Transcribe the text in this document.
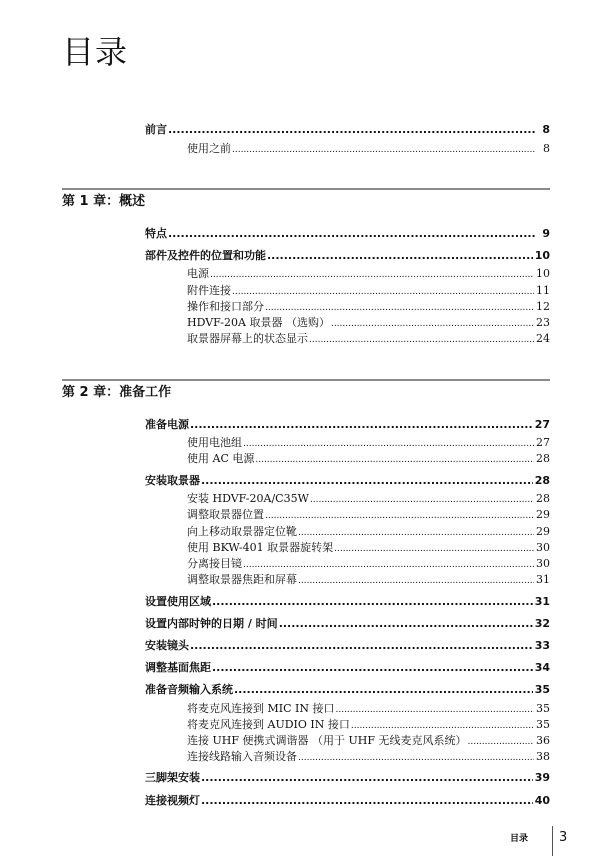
目录
前言 .....	8
使用之前 .....	8
第 1 章：概述
特点 .....	9
部件及控件的位置和功能 .....	10
电源 .....	10
附件连接 .....	11
操作和接口部分 .....	12
HDVF-20A 取景器 （选购） .....	23
取景器屏幕上的状态显示 .....	24
第 2 章：准备工作
准备电源 .....	27
使用电池组 .....	27
使用 AC 电源 .....	28
安装取景器 .....	28
安装 HDVF-20A/C35W .....	28
调整取景器位置 .....	29
向上移动取景器定位靴 .....	29
使用 BKW-401 取景器旋转架 .....	30
分离接目镜 .....	30
调整取景器焦距和屏幕 .....	31
设置使用区域 .....	31
设置内部时钟的日期 / 时间 .....	32
安装镜头 .....	33
调整基面焦距 .....	34
准备音频输入系统 .....	35
将麦克风连接到 MIC IN 接口 .....	35
将麦克风连接到 AUDIO IN 接口 .....	35
连接 UHF 便携式调谐器 （用于 UHF 无线麦克风系统） .....	36
连接线路输入音频设备 .....	38
三脚架安装 .....	39
连接视频灯 .....	40
目录 3
